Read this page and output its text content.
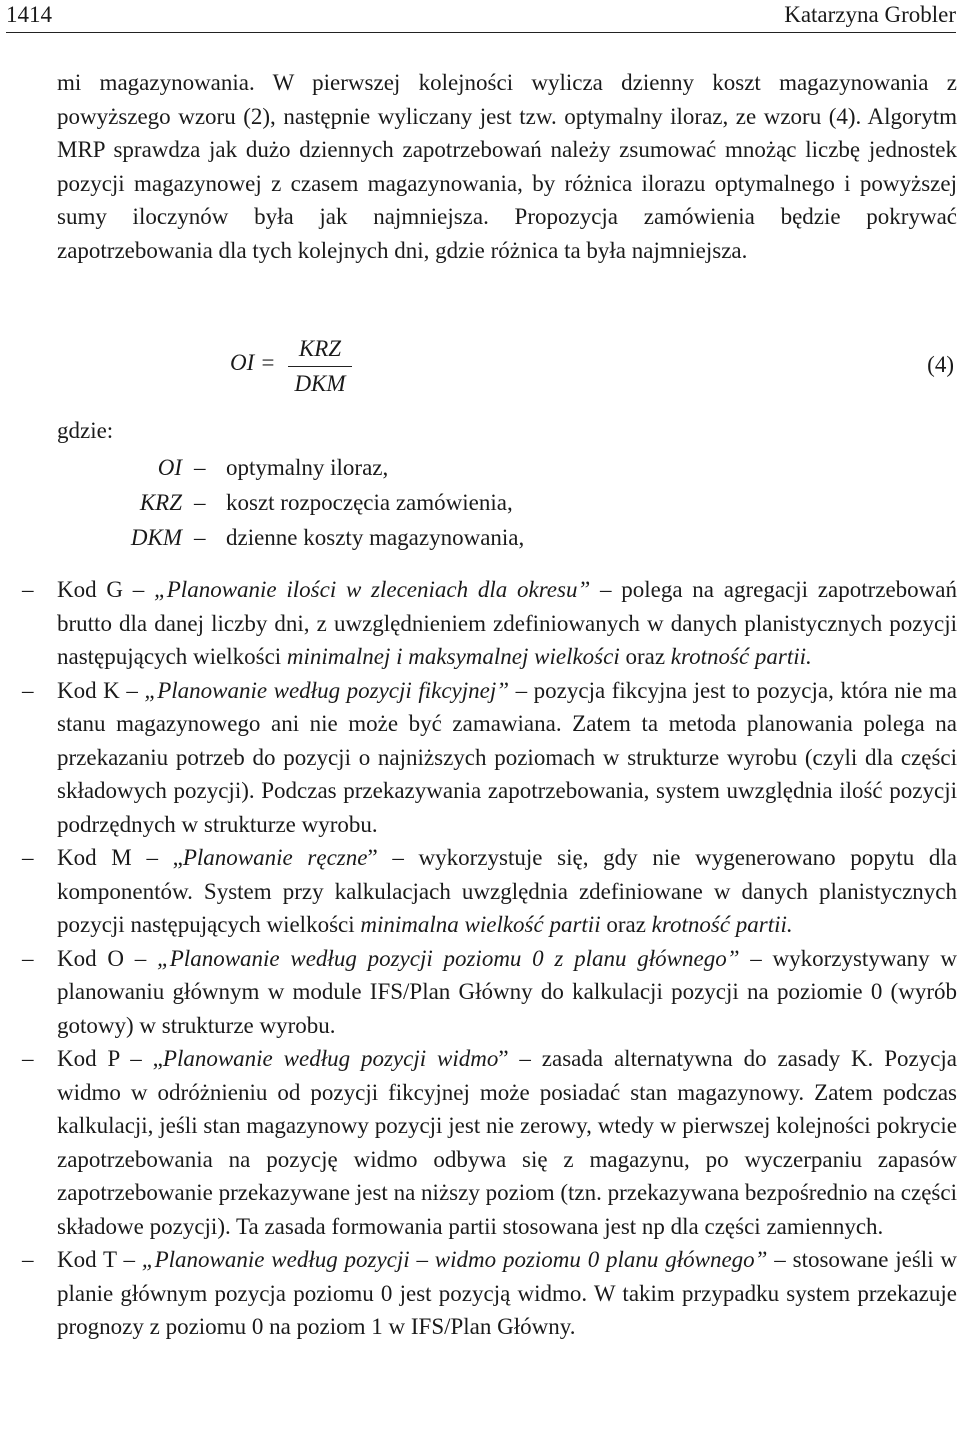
1414	Katarzyna Grobler

mi magazynowania. W pierwszej kolejności wylicza dzienny koszt magazynowania z powyższego wzoru (2), następnie wyliczany jest tzw. optymalny iloraz, ze wzoru (4). Algorytm MRP sprawdza jak dużo dziennych zapotrzebowań należy zsumować mnożąc liczbę jednostek pozycji magazynowej z czasem magazynowania, by różnica ilorazu optymalnego i powyższej sumy iloczynów była jak najmniejsza. Propozycja zamówienia będzie pokrywać zapotrzebowania dla tych kolejnych dni, gdzie różnica ta była najmniejsza.

OI =
KRZ
DKM
(4)
gdzie:
OI – optymalny iloraz,
KRZ – koszt rozpoczęcia zamówienia,
DKM – dzienne koszty magazynowania,
– Kod G – „Planowanie ilości w zleceniach dla okresu” – polega na agregacji zapotrzebowań brutto dla danej liczby dni, z uwzględnieniem zdefiniowanych w danych planistycznych pozycji następujących wielkości minimalnej i maksymalnej wielkości oraz krotność partii.

– Kod K – „Planowanie według pozycji fikcyjnej” – pozycja fikcyjna jest to pozycja, która nie ma stanu magazynowego ani nie może być zamawiana. Zatem ta metoda planowania polega na przekazaniu potrzeb do pozycji o najniższych poziomach w strukturze wyrobu (czyli dla części składowych pozycji). Podczas przekazywania zapotrzebowania, system uwzględnia ilość pozycji podrzędnych w strukturze wyrobu.

– Kod M – „Planowanie ręczne” – wykorzystuje się, gdy nie wygenerowano popytu dla komponentów. System przy kalkulacjach uwzględnia zdefiniowane w danych planistycznych pozycji następujących wielkości minimalna wielkość partii oraz krotność partii.

– Kod O – „Planowanie według pozycji poziomu 0 z planu głównego” – wykorzystywany w planowaniu głównym w module IFS/Plan Główny do kalkulacji pozycji na poziomie 0 (wyrób gotowy) w strukturze wyrobu.

– Kod P – „Planowanie według pozycji widmo” – zasada alternatywna do zasady K. Pozycja widmo w odróżnieniu od pozycji fikcyjnej może posiadać stan magazynowy. Zatem podczas kalkulacji, jeśli stan magazynowy pozycji jest nie zerowy, wtedy w pierwszej kolejności pokrycie zapotrzebowania na pozycję widmo odbywa się z magazynu, po wyczerpaniu zapasów zapotrzebowanie przekazywane jest na niższy poziom (tzn. przekazywana bezpośrednio na części składowe pozycji). Ta zasada formowania partii stosowana jest np dla części zamiennych.

– Kod T – „Planowanie według pozycji – widmo poziomu 0 planu głównego” – stosowane jeśli w planie głównym pozycja poziomu 0 jest pozycją widmo. W takim przypadku system przekazuje prognozy z poziomu 0 na poziom 1 w IFS/Plan Główny.
